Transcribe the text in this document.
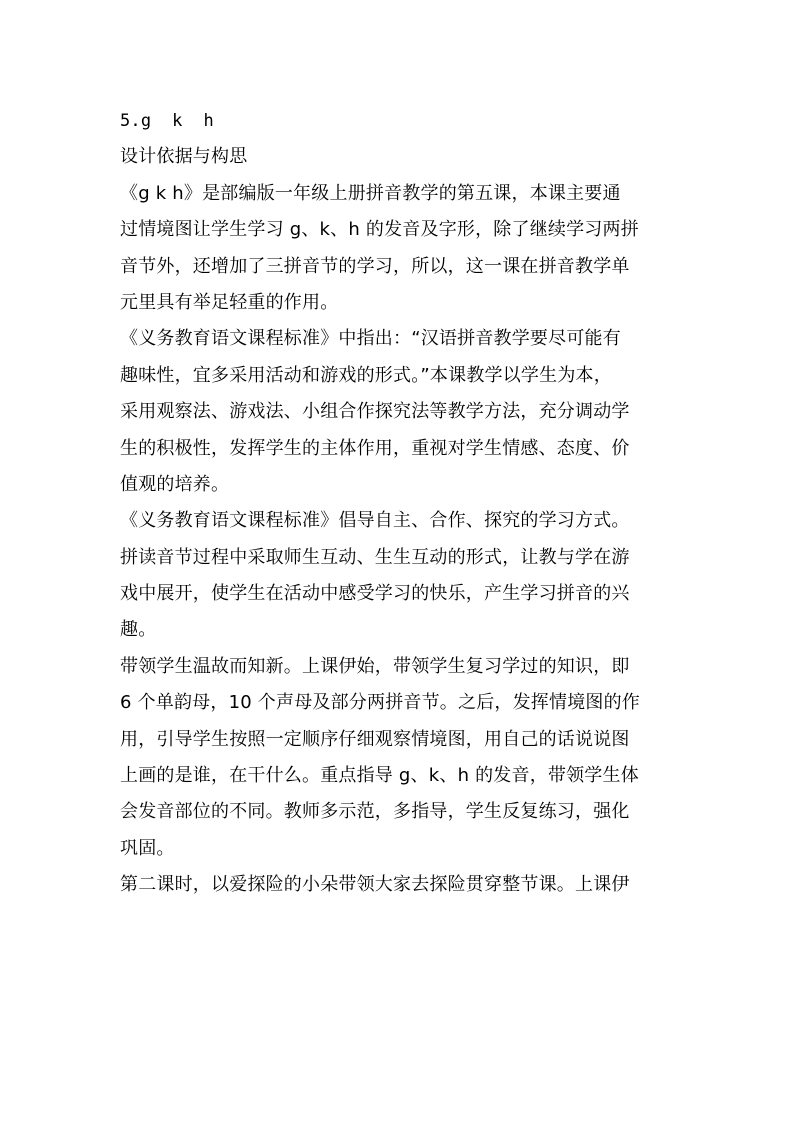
5.g  k  h
设计依据与构思
《g k h》是部编版一年级上册拼音教学的第五课，本课主要通
过情境图让学生学习 g、k、h 的发音及字形，除了继续学习两拼
音节外，还增加了三拼音节的学习，所以，这一课在拼音教学单
元里具有举足轻重的作用。
《义务教育语文课程标准》中指出：“汉语拼音教学要尽可能有
趣味性，宜多采用活动和游戏的形式。”本课教学以学生为本，
采用观察法、游戏法、小组合作探究法等教学方法，充分调动学
生的积极性，发挥学生的主体作用，重视对学生情感、态度、价
值观的培养。
《义务教育语文课程标准》倡导自主、合作、探究的学习方式。
拼读音节过程中采取师生互动、生生互动的形式，让教与学在游
戏中展开，使学生在活动中感受学习的快乐，产生学习拼音的兴
趣。
带领学生温故而知新。上课伊始，带领学生复习学过的知识，即
6 个单韵母，10 个声母及部分两拼音节。之后，发挥情境图的作
用，引导学生按照一定顺序仔细观察情境图，用自己的话说说图
上画的是谁，在干什么。重点指导 g、k、h 的发音，带领学生体
会发音部位的不同。教师多示范，多指导，学生反复练习，强化
巩固。
第二课时，以爱探险的小朵带领大家去探险贯穿整节课。上课伊
